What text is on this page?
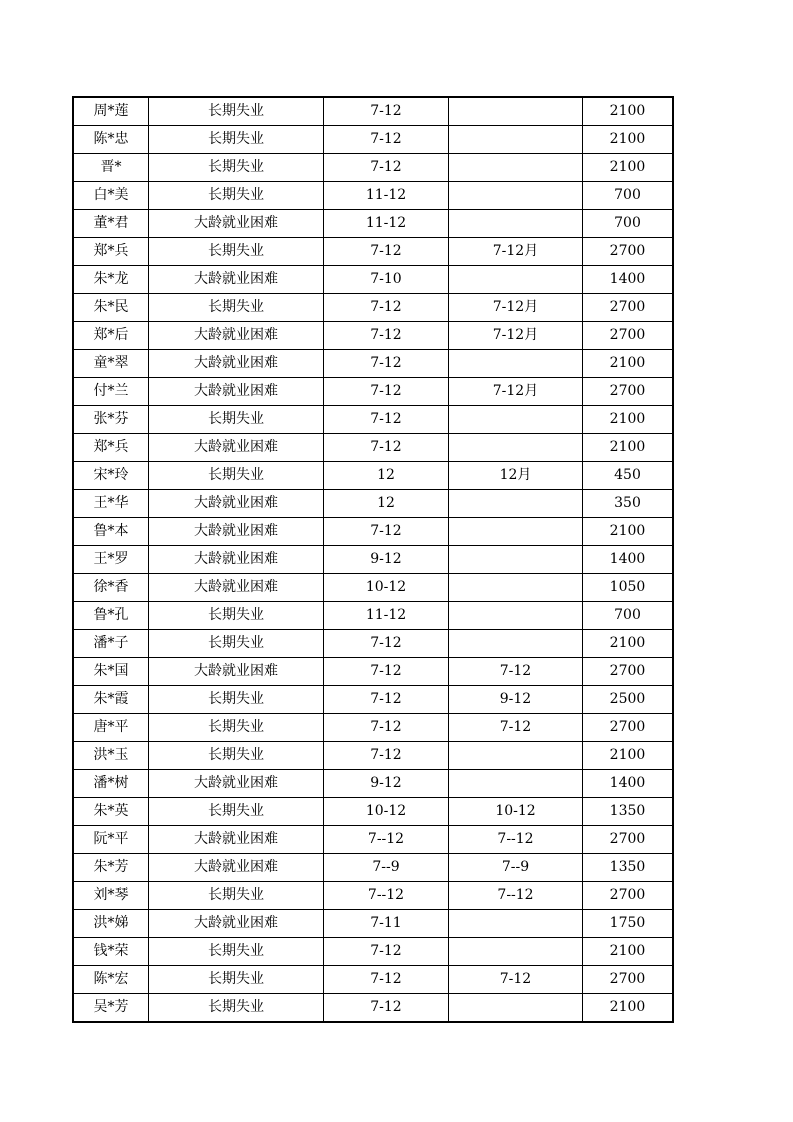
周*莲	长期失业	7-12		2100
陈*忠	长期失业	7-12		2100
晋*	长期失业	7-12		2100
白*美	长期失业	11-12		700
董*君	大龄就业困难	11-12		700
郑*兵	长期失业	7-12	7-12月	2700
朱*龙	大龄就业困难	7-10		1400
朱*民	长期失业	7-12	7-12月	2700
郑*后	大龄就业困难	7-12	7-12月	2700
童*翠	大龄就业困难	7-12		2100
付*兰	大龄就业困难	7-12	7-12月	2700
张*芬	长期失业	7-12		2100
郑*兵	大龄就业困难	7-12		2100
宋*玲	长期失业	12	12月	450
王*华	大龄就业困难	12		350
鲁*本	大龄就业困难	7-12		2100
王*罗	大龄就业困难	9-12		1400
徐*香	大龄就业困难	10-12		1050
鲁*孔	长期失业	11-12		700
潘*子	长期失业	7-12		2100
朱*国	大龄就业困难	7-12	7-12	2700
朱*霞	长期失业	7-12	9-12	2500
唐*平	长期失业	7-12	7-12	2700
洪*玉	长期失业	7-12		2100
潘*树	大龄就业困难	9-12		1400
朱*英	长期失业	10-12	10-12	1350
阮*平	大龄就业困难	7--12	7--12	2700
朱*芳	大龄就业困难	7--9	7--9	1350
刘*琴	长期失业	7--12	7--12	2700
洪*娣	大龄就业困难	7-11		1750
钱*荣	长期失业	7-12		2100
陈*宏	长期失业	7-12	7-12	2700
吴*芳	长期失业	7-12		2100
